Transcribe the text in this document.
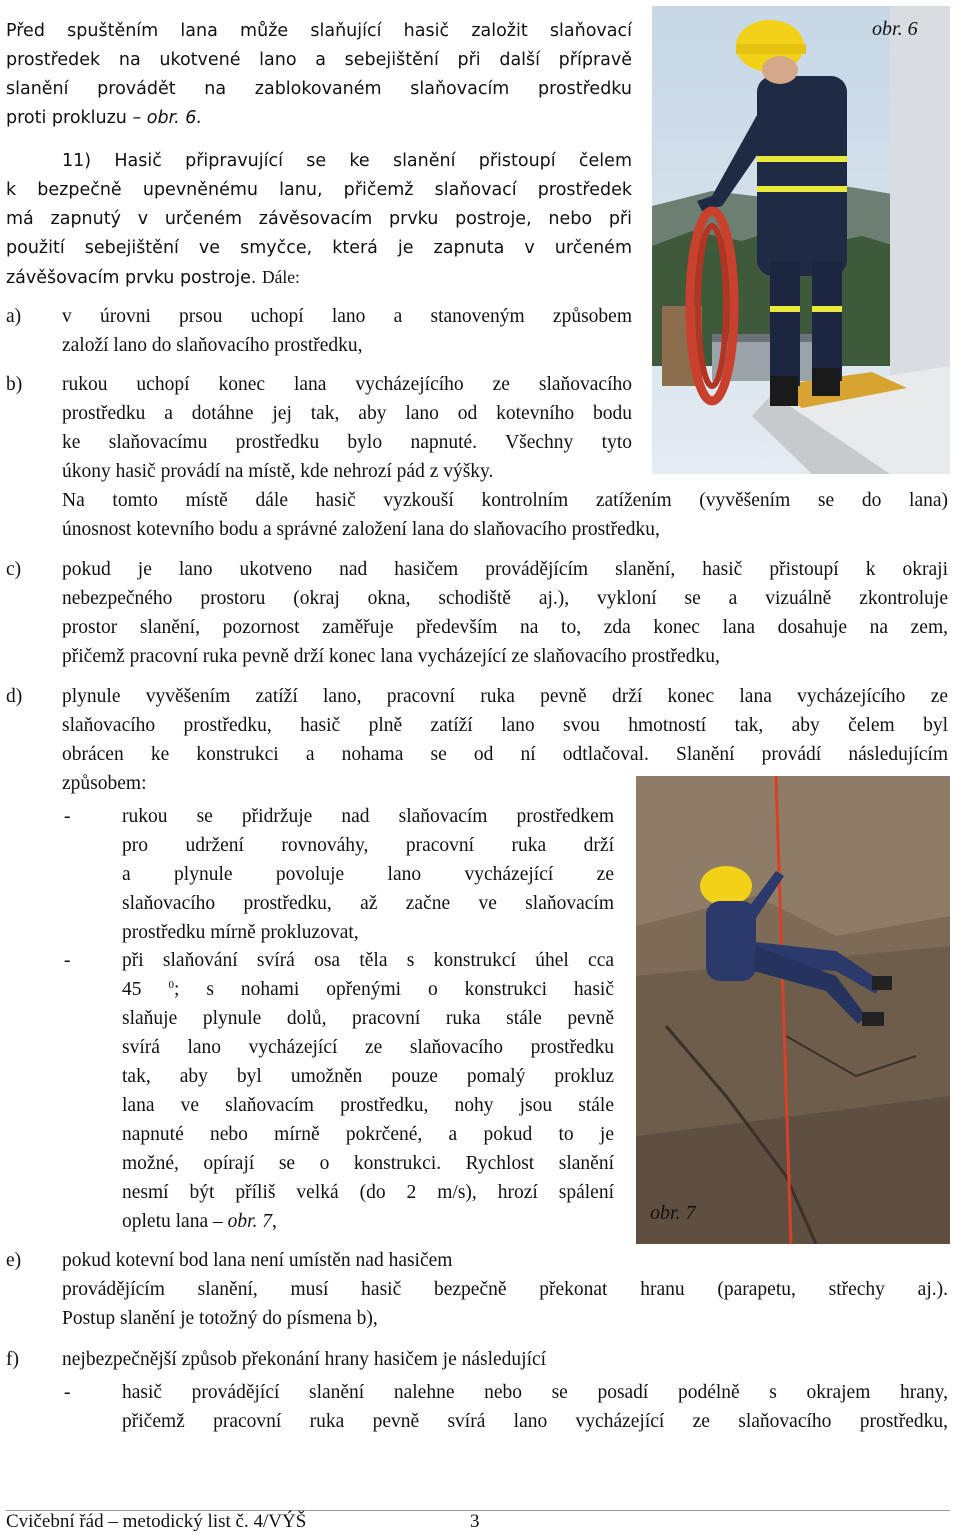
obr. 6
obr. 7
Před spuštěním lana může slaňující hasič založit slaňovací
prostředek na ukotvené lano a sebejištění při další přípravě
slanění provádět na zablokovaném slaňovacím prostředku
proti prokluzu – obr. 6.
11) Hasič připravující se ke slanění přistoupí čelem
k bezpečně upevněnému lanu, přičemž slaňovací prostředek
má zapnutý v určeném závěsovacím prvku postroje, nebo při
použití sebejištění ve smyčce, která je zapnuta v určeném
závěšovacím prvku postroje. Dále:
a) v úrovni prsou uchopí lano a stanoveným způsobem
založí lano do slaňovacího prostředku,
b) rukou uchopí konec lana vycházejícího ze slaňovacího
prostředku a dotáhne jej tak, aby lano od kotevního bodu
ke slaňovacímu prostředku bylo napnuté. Všechny tyto
úkony hasič provádí na místě, kde nehrozí pád z výšky.
Na tomto místě dále hasič vyzkouší kontrolním zatížením (vyvěšením se do lana)
únosnost kotevního bodu a správné založení lana do slaňovacího prostředku,
c) pokud je lano ukotveno nad hasičem provádějícím slanění, hasič přistoupí k okraji
nebezpečného prostoru (okraj okna, schodiště aj.), vykloní se a vizuálně zkontroluje
prostor slanění, pozornost zaměřuje především na to, zda konec lana dosahuje na zem,
přičemž pracovní ruka pevně drží konec lana vycházející ze slaňovacího prostředku,
d) plynule vyvěšením zatíží lano, pracovní ruka pevně drží konec lana vycházejícího ze
slaňovacího prostředku, hasič plně zatíží lano svou hmotností tak, aby čelem byl
obrácen ke konstrukci a nohama se od ní odtlačoval. Slanění provádí následujícím
způsobem:
-	rukou se přidržuje nad slaňovacím prostředkem
pro udržení rovnováhy, pracovní ruka drží
a plynule povoluje lano vycházející ze
slaňovacího prostředku, až začne ve slaňovacím
prostředku mírně prokluzovat,
-	při slaňování svírá osa těla s konstrukcí úhel cca
45 $^0$; s nohami opřenými o konstrukci hasič
slaňuje plynule dolů, pracovní ruka stále pevně
svírá lano vycházející ze slaňovacího prostředku
tak, aby byl umožněn pouze pomalý prokluz
lana ve slaňovacím prostředku, nohy jsou stále
napnuté nebo mírně pokrčené, a pokud to je
možné, opírají se o konstrukci. Rychlost slanění
nesmí být příliš velká (do 2 m/s), hrozí spálení
opletu lana – obr. 7,
e) pokud kotevní bod lana není umístěn nad hasičem
provádějícím slanění, musí hasič bezpečně překonat hranu (parapetu, střechy aj.).
Postup slanění je totožný do písmena b),
f) nejbezpečnější způsob překonání hrany hasičem je následující
-	hasič provádějící slanění nalehne nebo se posadí podélně s okrajem hrany,
přičemž pracovní ruka pevně svírá lano vycházející ze slaňovacího prostředku,
Cvičební řád – metodický list č. 4/VÝŠ	3
